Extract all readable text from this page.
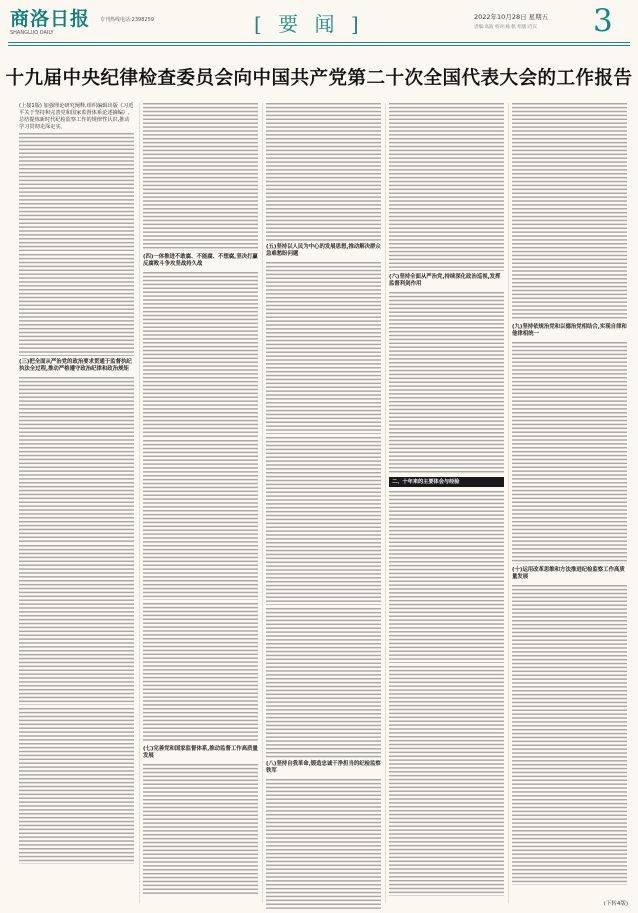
商洛日报
SHANGLUO DAILY
专刊热线电话:2398259	[ 要 闻 ]	2022年10月28日 星期五
责编:高波 校对:杨 帆 组版:肖宾	3
十九届中央纪律检查委员会向中国共产党第二十次全国代表大会的工作报告
(上接1版) 加强理论研究阐释,组织编辑出版《习近平关于坚持和完善党和国家监督体系论述摘编》,总结提炼新时代纪检监察工作的规律性认识,推动学习贯彻走深走实。
(三)把全面从严治党的政治要求贯通于监督执纪执法全过程,推动严格遵守政治纪律和政治规矩
(四)一体推进不敢腐、不能腐、不想腐,坚决打赢反腐败斗争攻坚战持久战
(七)完善党和国家监督体系,推动监督工作高质量发展
(五)坚持以人民为中心的发展思想,推动解决群众急难愁盼问题
(八)坚持自我革命,锻造忠诚干净担当的纪检监察铁军
(六)坚持全面从严治党,持续深化政治巡视,发挥监督利剑作用
二、十年来的主要体会与经验
(九)坚持依规治党和以德治党相结合,实现自律和他律相统一
(十)运用改革思维和方法推进纪检监察工作高质量发展
(下转4版)
